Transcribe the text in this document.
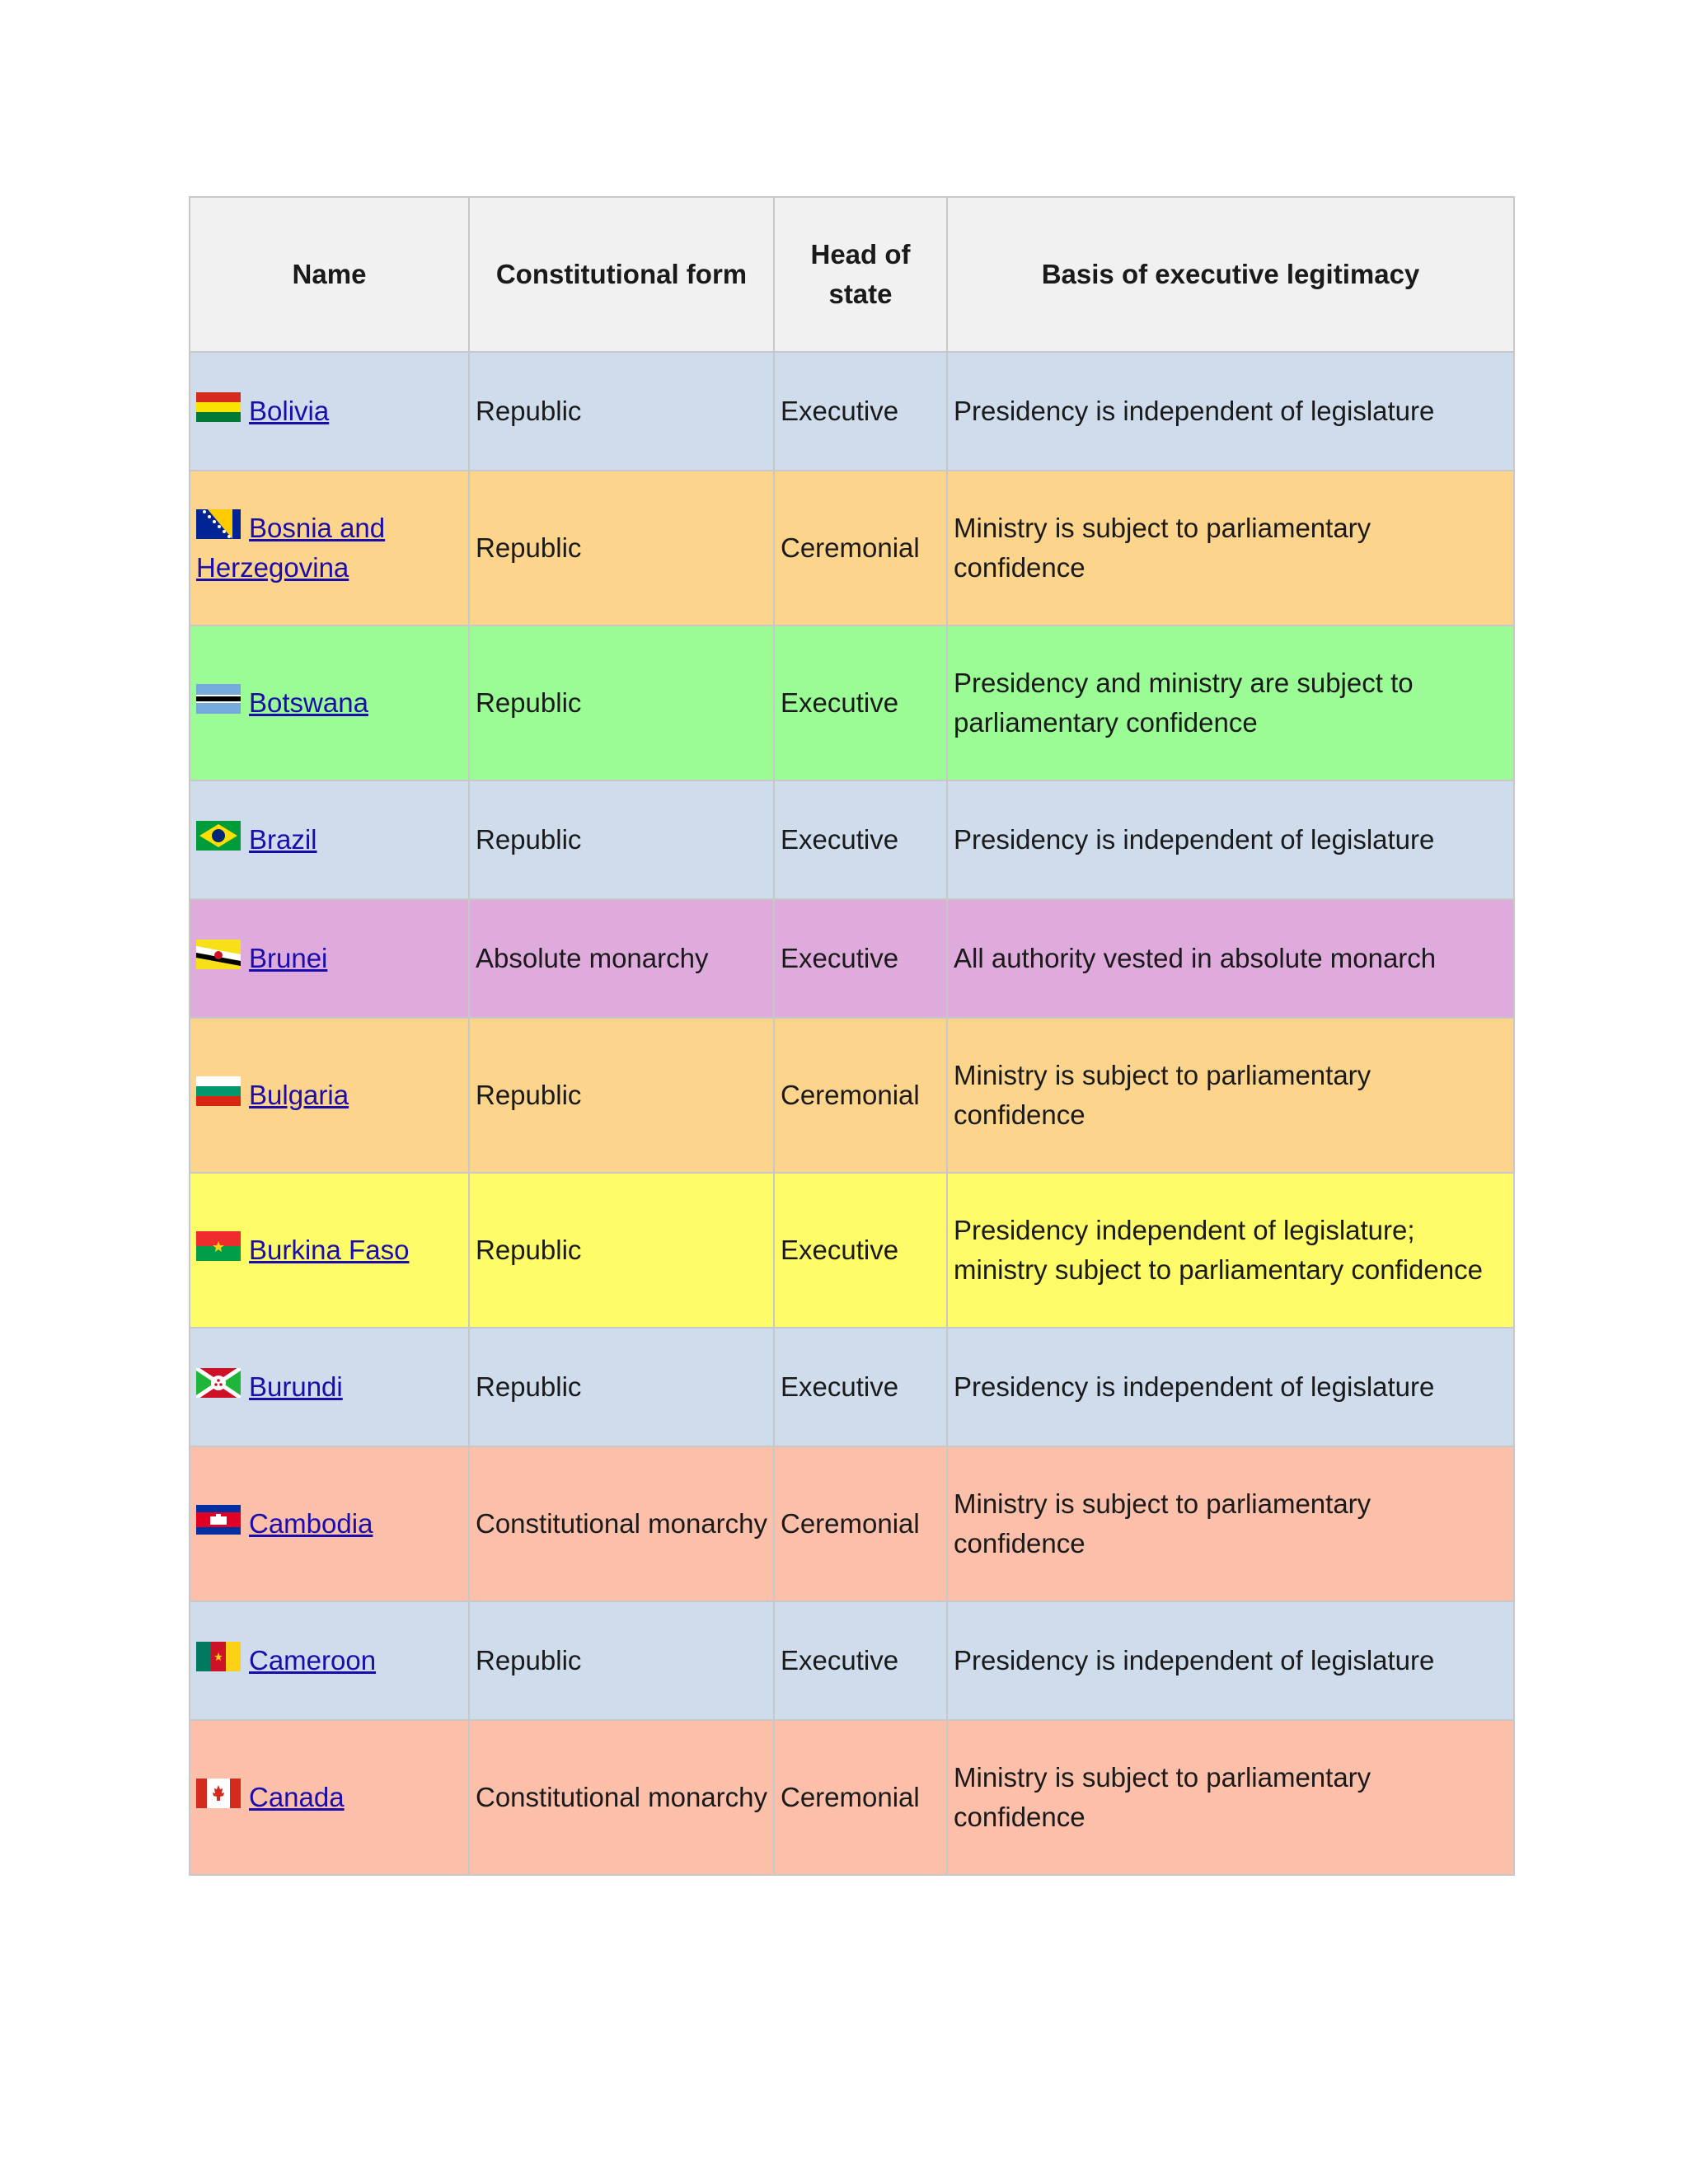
Name	Constitutional form	Head of state	Basis of executive legitimacy

Bolivia	Republic	Executive	Presidency is independent of legislature

Bosnia and Herzegovina	Republic	Ceremonial	Ministry is subject to parliamentary confidence

Botswana	Republic	Executive	Presidency and ministry are subject to parliamentary confidence

Brazil	Republic	Executive	Presidency is independent of legislature

Brunei	Absolute monarchy	Executive	All authority vested in absolute monarch

Bulgaria	Republic	Ceremonial	Ministry is subject to parliamentary confidence

Burkina Faso	Republic	Executive	Presidency independent of legislature; ministry subject to parliamentary confidence

Burundi	Republic	Executive	Presidency is independent of legislature

Cambodia	Constitutional monarchy	Ceremonial	Ministry is subject to parliamentary confidence

Cameroon	Republic	Executive	Presidency is independent of legislature

Canada	Constitutional monarchy	Ceremonial	Ministry is subject to parliamentary confidence
